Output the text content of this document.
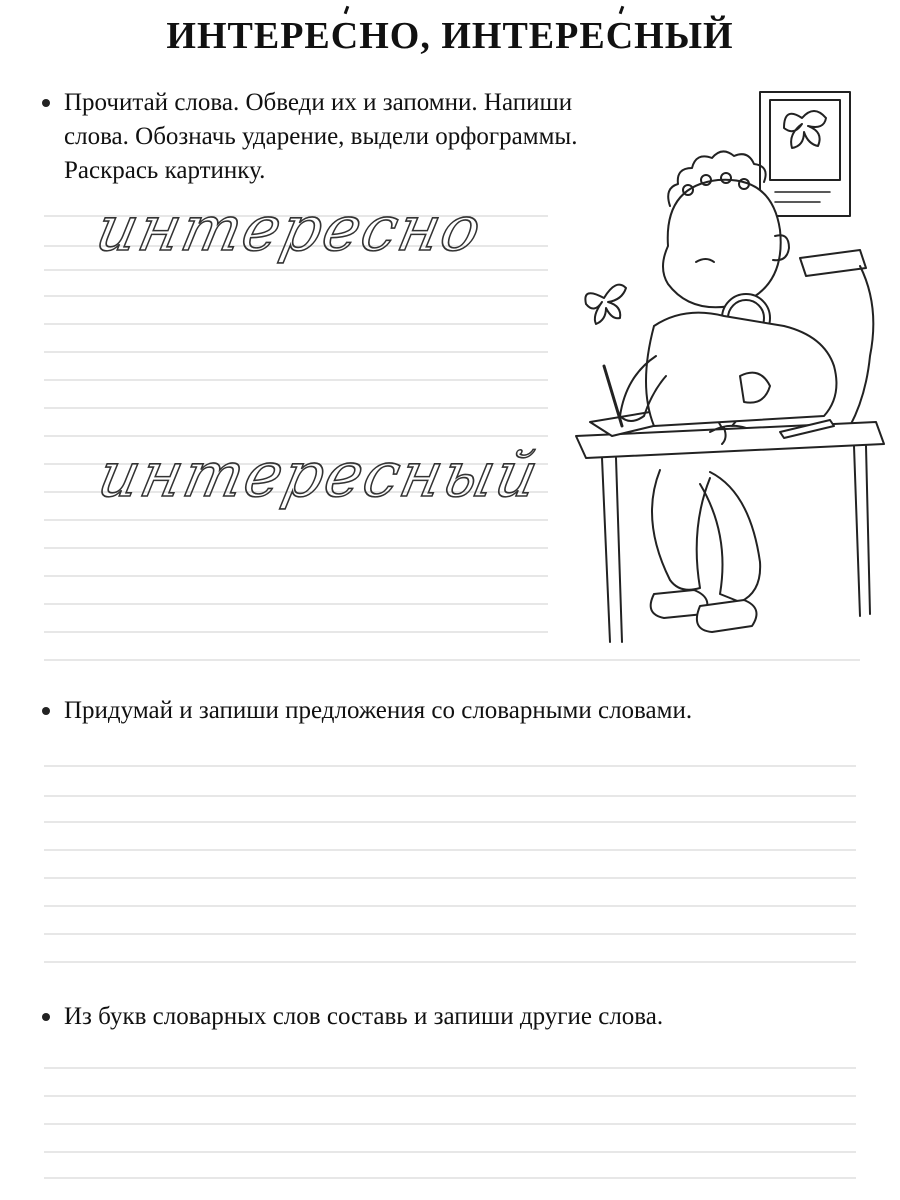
ИНТЕРЕСНО, ИНТЕРЕСНЫЙ
Прочитай слова. Обведи их и запомни. Напиши
слова. Обозначь ударение, выдели орфограммы.
Раскрась картинку.
интересно
интересный
Придумай и запиши предложения со словарными словами.
Из букв словарных слов составь и запиши другие слова.
